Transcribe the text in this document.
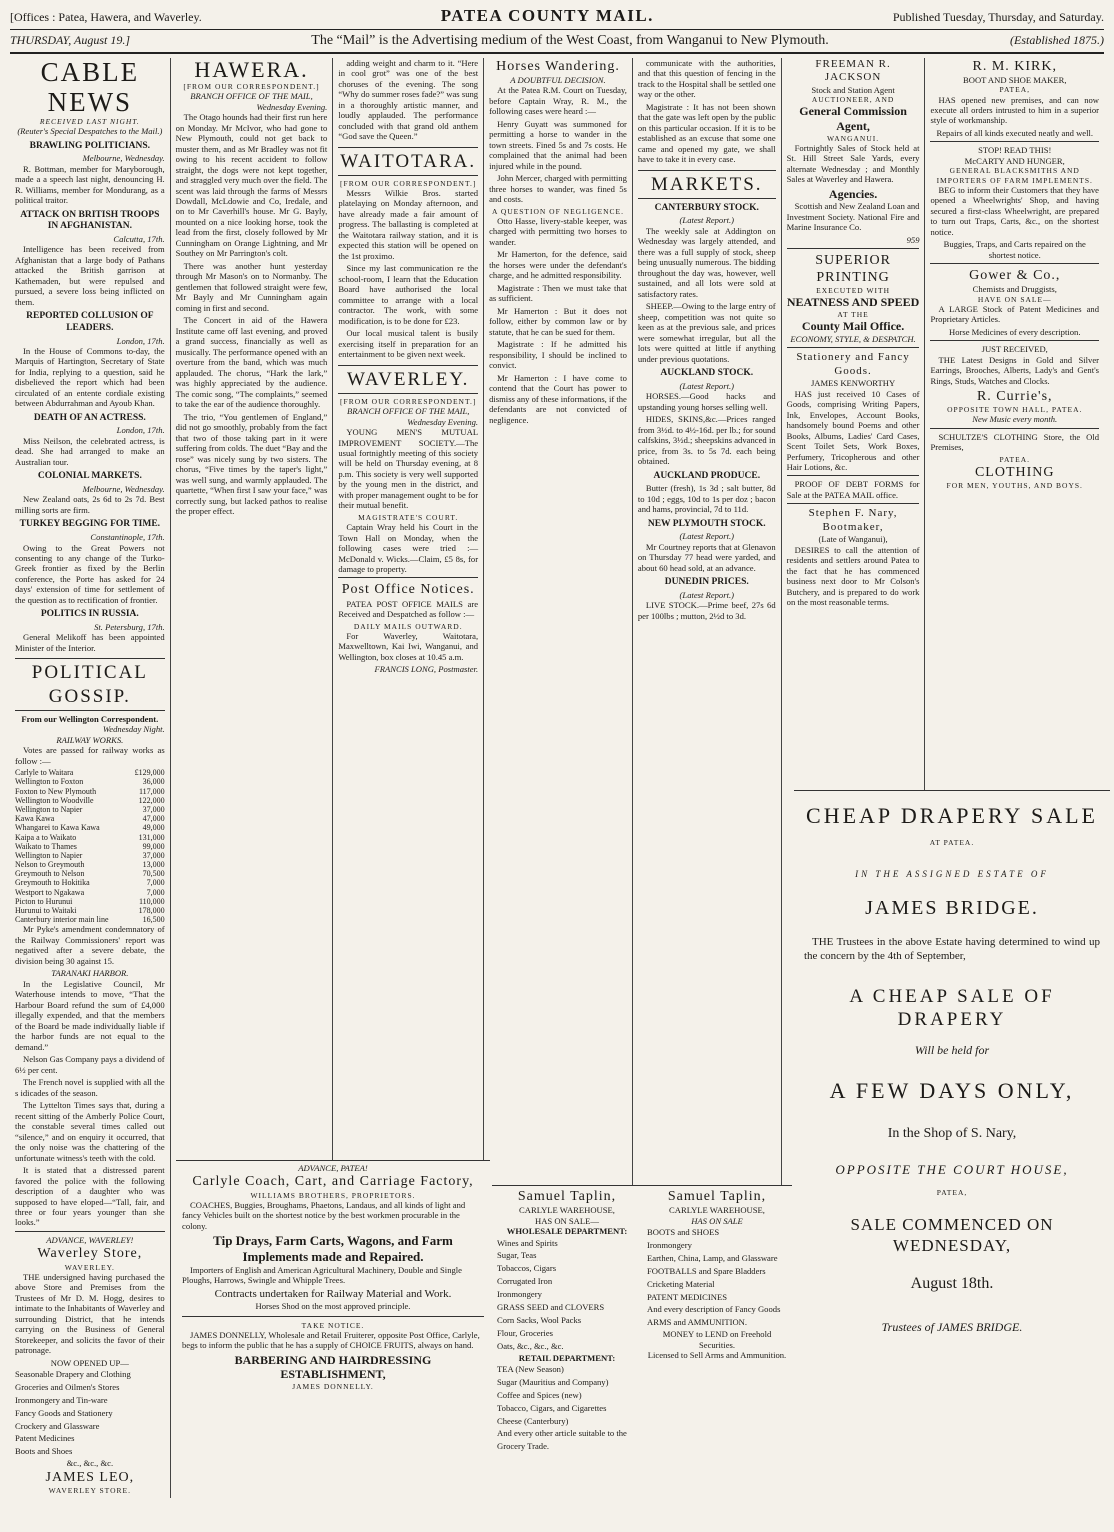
[Offices : Patea, Hawera, and Waverley.	PATEA COUNTY MAIL.	Published Tuesday, Thursday, and Saturday.
THURSDAY, August 19.]	The “Mail” is the Advertising medium of the West Coast, from Wanganui to New Plymouth.	(Established 1875.)
CABLE NEWS
RECEIVED LAST NIGHT.
(Reuter's Special Despatches to the Mail.)
BRAWLING POLITICIANS.
Melbourne, Wednesday.

R. Bottman, member for Maryborough, made a a speech last night, denouncing H. R. Williams, member for Mondurang, as a political traitor.

ATTACK ON BRITISH TROOPS IN AFGHANISTAN.
Calcutta, 17th.

Intelligence has been received from Afghanistan that a large body of Pathans attacked the British garrison at Kathemaden, but were repulsed and pursued, a severe loss being inflicted on them.

REPORTED COLLUSION OF LEADERS.
London, 17th.

In the House of Commons to-day, the Marquis of Hartington, Secretary of State for India, replying to a question, said he disbelieved the report which had been circulated of an entente cordiale existing between Abdurrahman and Ayoub Khan.

DEATH OF AN ACTRESS.
London, 17th.

Miss Neilson, the celebrated actress, is dead. She had arranged to make an Australian tour.

COLONIAL MARKETS.
Melbourne, Wednesday.

New Zealand oats, 2s 6d to 2s 7d. Best milling sorts are firm.

TURKEY BEGGING FOR TIME.
Constantinople, 17th.

Owing to the Great Powers not consenting to any change of the Turko-Greek frontier as fixed by the Berlin conference, the Porte has asked for 24 days' extension of time for settlement of the question as to rectification of frontier.

POLITICS IN RUSSIA.
St. Petersburg, 17th.

General Melikoff has been appointed Minister of the Interior.

POLITICAL GOSSIP.
From our Wellington Correspondent.
Wednesday Night.
RAILWAY WORKS.

Votes are passed for railway works as follow :—

Carlyle to Waitara	£129,000
Wellington to Foxton	36,000
Foxton to New Plymouth	117,000
Wellington to Woodville	122,000
Wellington to Napier	37,000
Kawa Kawa	47,000
Whangarei to Kawa Kawa	49,000
Kaipa a to Waikato	131,000
Waikato to Thames	99,000
Wellington to Napier	37,000
Nelson to Greymouth	13,000
Greymouth to Nelson	70,500
Greymouth to Hokitika	7,000
Westport to Ngakawa	7,000
Picton to Hurunui	110,000
Hurunui to Waitaki	178,000
Canterbury interior main line	16,500

Mr Pyke's amendment condemnatory of the Railway Commissioners' report was negatived after a severe debate, the division being 30 against 15.

TARANAKI HARBOR.

In the Legislative Council, Mr Waterhouse intends to move, “That the Harbour Board refund the sum of £4,000 illegally expended, and that the members of the Board be made individually liable if the harbor funds are not equal to the demand.”

Nelson Gas Company pays a dividend of 6½ per cent.

The French novel is supplied with all the s idicades of the season.

The Lyttelton Times says that, during a recent sitting of the Amberly Police Court, the constable several times called out “silence,” and on enquiry it occurred, that the only noise was the chattering of the unfortunate witness's teeth with the cold.

It is stated that a distressed parent favored the police with the following description of a daughter who was supposed to have eloped—“Tall, fair, and three or four years younger than she looks.”

ADVANCE, WAVERLEY!
Waverley Store,
WAVERLEY.

THE undersigned having purchased the above Store and Premises from the Trustees of Mr D. M. Hogg, desires to intimate to the Inhabitants of Waverley and surrounding District, that he intends carrying on the Business of General Storekeeper, and solicits the favor of their patronage.

NOW OPENED UP—
Seasonable Drapery and Clothing
Groceries and Oilmen's Stores
Ironmongery and Tin-ware
Fancy Goods and Stationery
Crockery and Glassware
Patent Medicines
Boots and Shoes
&c., &c., &c.
JAMES LEO,
WAVERLEY STORE.
HAWERA.
[FROM OUR CORRESPONDENT.]
BRANCH OFFICE OF THE MAIL,
Wednesday Evening.

The Otago hounds had their first run here on Monday. Mr McIvor, who had gone to New Plymouth, could not get back to muster them, and as Mr Bradley was not fit owing to his recent accident to follow straight, the dogs were not kept together, and straggled very much over the field. The scent was laid through the farms of Messrs Dowdall, McLdowie and Co, Iredale, and on to Mr Caverhill's house. Mr G. Bayly, mounted on a nice looking horse, took the lead from the first, closely followed by Mr Cunningham on Orange Lightning, and Mr Southey on Mr Parrington's colt.

There was another hunt yesterday through Mr Mason's on to Normanby. The gentlemen that followed straight were few, Mr Bayly and Mr Cunningham again coming in first and second.

The Concert in aid of the Hawera Institute came off last evening, and proved a grand success, financially as well as musically. The performance opened with an overture from the band, which was much applauded. The chorus, “Hark the lark,” was highly appreciated by the audience. The comic song, “The complaints,” seemed to take the ear of the audience thoroughly.

The trio, “You gentlemen of England,” did not go smoothly, probably from the fact that two of those taking part in it were suffering from colds. The duet “Bay and the rose” was nicely sung by two sisters. The chorus, “Five times by the taper's light,” was well sung, and warmly applauded. The quartette, “When first I saw your face,” was correctly sung, but lacked pathos to realise the proper effect.

adding weight and charm to it. “Here in cool grot” was one of the best choruses of the evening. The song “Why do summer roses fade?” was sung in a thoroughly artistic manner, and loudly applauded. The performance concluded with that grand old anthem “God save the Queen.”

WAITOTARA.
[FROM OUR CORRESPONDENT.]

Messrs Wilkie Bros. started platelaying on Monday afternoon, and have already made a fair amount of progress. The ballasting is completed at the Waitotara railway station, and it is expected this station will be opened on the 1st proximo.

Since my last communication re the school-room, I learn that the Education Board have authorised the local committee to arrange with a local contractor. The work, with some modification, is to be done for £23.

Our local musical talent is busily exercising itself in preparation for an entertainment to be given next week.

WAVERLEY.
[FROM OUR CORRESPONDENT.]
BRANCH OFFICE OF THE MAIL,
Wednesday Evening.

YOUNG MEN'S MUTUAL IMPROVEMENT SOCIETY.—The usual fortnightly meeting of this society will be held on Thursday evening, at 8 p.m. This society is very well supported by the young men in the district, and with proper management ought to be for their mutual benefit.

MAGISTRATE'S COURT.

Captain Wray held his Court in the Town Hall on Monday, when the following cases were tried :— McDonald v. Wicks.—Claim, £5 8s, for damage to property.

Post Office Notices.

PATEA POST OFFICE MAILS are Received and Despatched as follow :—

DAILY MAILS OUTWARD.

For Waverley, Waitotara, Maxwelltown, Kai Iwi, Wanganui, and Wellington, box closes at 10.45 a.m.

FRANCIS LONG, Postmaster.
Horses Wandering.
A DOUBTFUL DECISION.

At the Patea R.M. Court on Tuesday, before Captain Wray, R. M., the following cases were heard :—

Henry Guyatt was summoned for permitting a horse to wander in the town streets. Fined 5s and 7s costs. He complained that the animal had been injured while in the pound.

John Mercer, charged with permitting three horses to wander, was fined 5s and costs.

A QUESTION OF NEGLIGENCE.

Otto Hasse, livery-stable keeper, was charged with permitting two horses to wander.

Mr Hamerton, for the defence, said the horses were under the defendant's charge, and he admitted responsibility.

Magistrate : Then we must take that as sufficient.

Mr Hamerton : But it does not follow, either by common law or by statute, that he can be sued for them.

Magistrate : If he admitted his responsibility, I should be inclined to convict.

Mr Hamerton : I have come to contend that the Court has power to dismiss any of these informations, if the defendants are not convicted of negligence.

communicate with the authorities, and that this question of fencing in the track to the Hospital shall be settled one way or the other.

Magistrate : It has not been shown that the gate was left open by the public on this particular occasion. If it is to be established as an excuse that some one came and opened my gate, we shall have to take it in every case.

MARKETS.
CANTERBURY STOCK.
(Latest Report.)

The weekly sale at Addington on Wednesday was largely attended, and there was a full supply of stock, sheep being unusually numerous. The bidding throughout the day was, however, well sustained, and all lots were sold at satisfactory rates.

SHEEP.—Owing to the large entry of sheep, competition was not quite so keen as at the previous sale, and prices were somewhat irregular, but all the lots were quitted at little if anything under previous quotations.

AUCKLAND STOCK.
(Latest Report.)

HORSES.—Good hacks and upstanding young horses selling well.

HIDES, SKINS,&c.—Prices ranged from 3½d. to 4½-16d. per lb.; for sound calfskins, 3½d.; sheepskins advanced in price, from 3s. to 5s 7d. each being obtained.

AUCKLAND PRODUCE.

Butter (fresh), 1s 3d ; salt butter, 8d to 10d ; eggs, 10d to 1s per doz ; bacon and hams, provincial, 7d to 11d.

NEW PLYMOUTH STOCK.
(Latest Report.)

Mr Courtney reports that at Glenavon on Thursday 77 head were yarded, and about 60 head sold, at an advance.

DUNEDIN PRICES.
(Latest Report.)

LIVE STOCK.—Prime beef, 27s 6d per 100lbs ; mutton, 2½d to 3d.

FREEMAN R. JACKSON
Stock and Station Agent
AUCTIONEER, AND
General Commission Agent,
WANGANUI.

Fortnightly Sales of Stock held at St. Hill Street Sale Yards, every alternate Wednesday ; and Monthly Sales at Waverley and Hawera.

Agencies.

Scottish and New Zealand Loan and Investment Society. National Fire and Marine Insurance Co.

959
SUPERIOR PRINTING
EXECUTED WITH
NEATNESS AND SPEED
AT THE
County Mail Office.
ECONOMY, STYLE, & DESPATCH.
Stationery and Fancy Goods.
JAMES KENWORTHY

HAS just received 10 Cases of Goods, comprising Writing Papers, Ink, Envelopes, Account Books, handsomely bound Poems and other Books, Albums, Ladies' Card Cases, Scent Toilet Sets, Work Boxes, Perfumery, Tricopherous and other Hair Lotions, &c.

PROOF OF DEBT FORMS for Sale at the PATEA MAIL office.

Stephen F. Nary, Bootmaker,
(Late of Wanganui),

DESIRES to call the attention of residents and settlers around Patea to the fact that he has commenced business next door to Mr Colson's Butchery, and is prepared to do work on the most reasonable terms.

R. M. KIRK,
BOOT AND SHOE MAKER,
PATEA,

HAS opened new premises, and can now execute all orders intrusted to him in a superior style of workmanship.

Repairs of all kinds executed neatly and well.
STOP! READ THIS!
McCARTY AND HUNGER,
GENERAL BLACKSMITHS AND IMPORTERS OF FARM IMPLEMENTS.

BEG to inform their Customers that they have opened a Wheelwrights' Shop, and having secured a first-class Wheelwright, are prepared to turn out Traps, Carts, &c., on the shortest notice.

Buggies, Traps, and Carts repaired on the shortest notice.
Gower & Co.,
Chemists and Druggists,
HAVE ON SALE—

A LARGE Stock of Patent Medicines and Proprietary Articles.

Horse Medicines of every description.
JUST RECEIVED,

THE Latest Designs in Gold and Silver Earrings, Brooches, Alberts, Lady's and Gent's Rings, Studs, Watches and Clocks.

R. Currie's,
OPPOSITE TOWN HALL, PATEA.
New Music every month.

SCHULTZE'S CLOTHING Store, the Old Premises,

PATEA.
CLOTHING
FOR MEN, YOUTHS, AND BOYS.
ADVANCE, PATEA!
Carlyle Coach, Cart, and Carriage Factory,
WILLIAMS BROTHERS, PROPRIETORS.

COACHES, Buggies, Broughams, Phaetons, Landaus, and all kinds of light and fancy Vehicles built on the shortest notice by the best workmen procurable in the colony.

Tip Drays, Farm Carts, Wagons, and Farm
Implements made and Repaired.

Importers of English and American Agricultural Machinery, Double and Single Ploughs, Harrows, Swingle and Whipple Trees.

Contracts undertaken for Railway Material and Work.
Horses Shod on the most approved principle.
TAKE NOTICE.

JAMES DONNELLY, Wholesale and Retail Fruiterer, opposite Post Office, Carlyle, begs to inform the public that he has a supply of CHOICE FRUITS, always on hand.

BARBERING AND HAIRDRESSING ESTABLISHMENT,
JAMES DONNELLY.
Samuel Taplin,
CARLYLE WAREHOUSE,
HAS ON SALE—
WHOLESALE DEPARTMENT:
Wines and Spirits
Sugar, Teas
Tobaccos, Cigars
Corrugated Iron
Ironmongery
GRASS SEED and CLOVERS
Corn Sacks, Wool Packs
Flour, Groceries
Oats, &c., &c., &c.
RETAIL DEPARTMENT:
TEA (New Season)
Sugar (Mauritius and Company)
Coffee and Spices (new)
Tobacco, Cigars, and Cigarettes
Cheese (Canterbury)
And every other article suitable to the Grocery Trade.
Samuel Taplin,
CARLYLE WAREHOUSE,
HAS ON SALE
BOOTS and SHOES
Ironmongery
Earthen, China, Lamp, and Glassware
FOOTBALLS and Spare Bladders
Cricketing Material
PATENT MEDICINES
And every description of Fancy Goods
ARMS and AMMUNITION.
MONEY to LEND on Freehold Securities.
Licensed to Sell Arms and Ammunition.
CHEAP DRAPERY SALE
AT PATEA.
IN THE ASSIGNED ESTATE OF
JAMES BRIDGE.

THE Trustees in the above Estate having determined to wind up the concern by the 4th of September,

A CHEAP SALE OF DRAPERY
Will be held for
A FEW DAYS ONLY,
In the Shop of S. Nary,
OPPOSITE THE COURT HOUSE,
PATEA,
SALE COMMENCED ON WEDNESDAY,
August 18th.
Trustees of JAMES BRIDGE.
